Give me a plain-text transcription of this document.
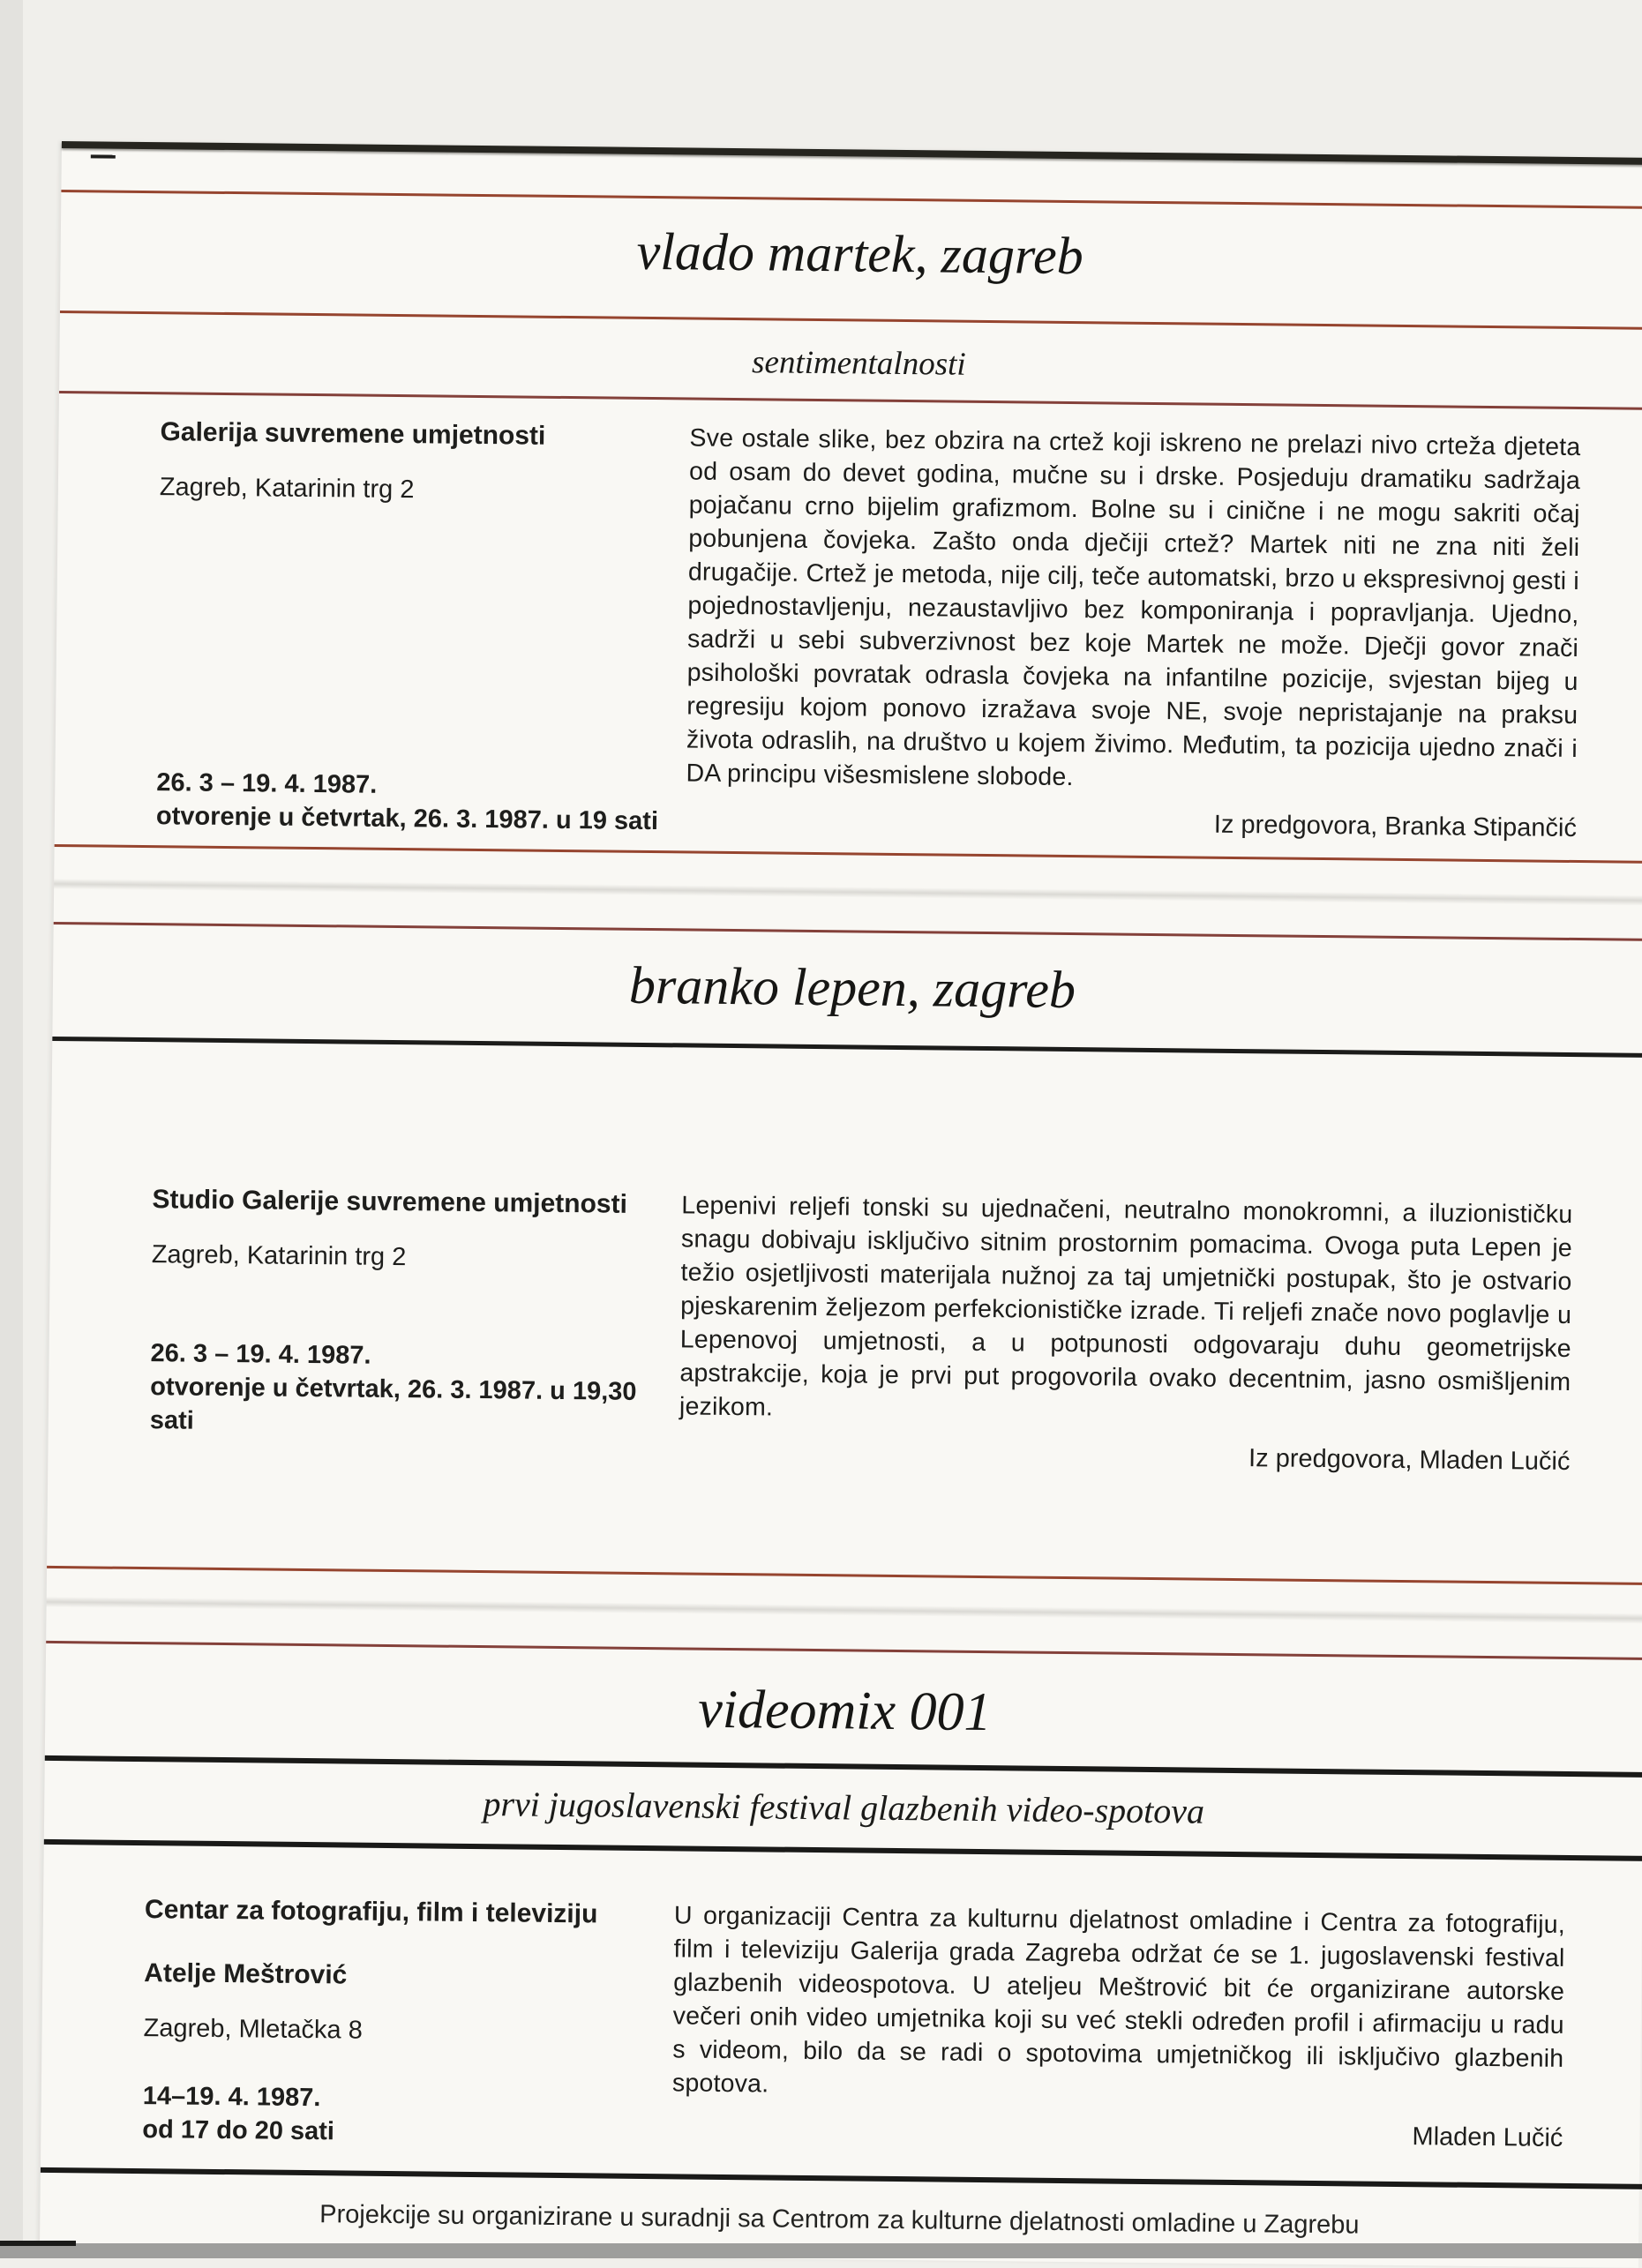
vlado martek, zagreb
sentimentalnosti
Galerija suvremene umjetnosti
Zagreb, Katarinin trg 2
26. 3 – 19. 4. 1987.
otvorenje u četvrtak, 26. 3. 1987. u 19 sati

Sve ostale slike, bez obzira na crtež koji iskreno ne prelazi nivo crteža djeteta od osam do devet godina, mučne su i drske. Posjeduju dramatiku sadržaja pojačanu crno bijelim grafizmom. Bolne su i cinične i ne mogu sakriti očaj pobunjena čovjeka. Zašto onda dječiji crtež? Martek niti ne zna niti želi drugačije. Crtež je metoda, nije cilj, teče automatski, brzo u ekspresivnoj gesti i pojednostavljenju, nezaustavljivo bez komponiranja i popravljanja. Ujedno, sadrži u sebi subverzivnost bez koje Martek ne može. Dječji govor znači psihološki povratak odrasla čovjeka na infantilne pozicije, svjestan bijeg u regresiju kojom ponovo izražava svoje NE, svoje nepristajanje na praksu života odraslih, na društvo u kojem živimo. Međutim, ta pozicija ujedno znači i DA principu višesmislene slobode.

Iz predgovora, Branka Stipančić
branko lepen, zagreb
Studio Galerije suvremene umjetnosti
Zagreb, Katarinin trg 2
26. 3 – 19. 4. 1987.
otvorenje u četvrtak, 26. 3. 1987. u 19,30 sati

Lepenivi reljefi tonski su ujednačeni, neutralno monokromni, a iluzionističku snagu dobivaju isključivo sitnim prostornim pomacima. Ovoga puta Lepen je težio osjetljivosti materijala nužnoj za taj umjetnički postupak, što je ostvario pjeskarenim željezom perfekcionističke izrade. Ti reljefi znače novo poglavlje u Lepenovoj umjetnosti, a u potpunosti odgovaraju duhu geometrijske apstrakcije, koja je prvi put progovorila ovako decentnim, jasno osmišljenim jezikom.

Iz predgovora, Mladen Lučić
videomix 001
prvi jugoslavenski festival glazbenih video-spotova
Centar za fotografiju, film i televiziju
Atelje Meštrović
Zagreb, Mletačka 8
14–19. 4. 1987.
od 17 do 20 sati

U organizaciji Centra za kulturnu djelatnost omladine i Centra za fotografiju, film i televiziju Galerija grada Zagreba održat će se 1. jugoslavenski festival glazbenih videospotova. U ateljeu Meštrović bit će organizirane autorske večeri onih video umjetnika koji su već stekli određen profil i afirmaciju u radu s videom, bilo da se radi o spotovima umjetničkog ili isključivo glazbenih spotova.

Mladen Lučić
Projekcije su organizirane u suradnji sa Centrom za kulturne djelatnosti omladine u Zagrebu
